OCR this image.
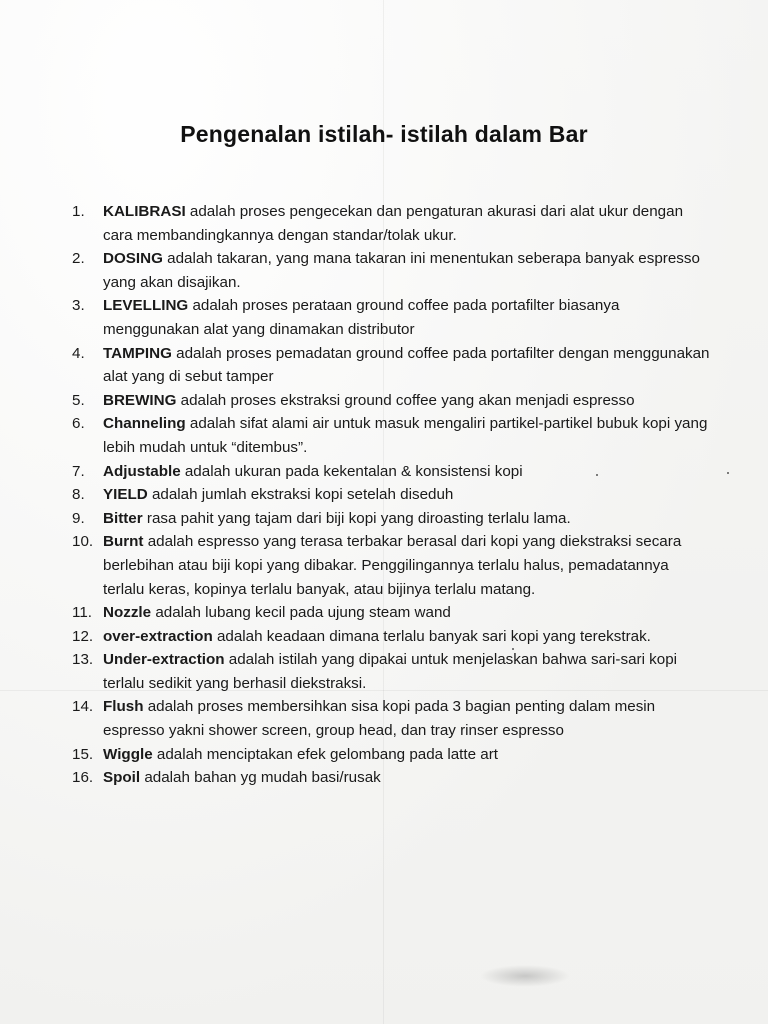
Pengenalan istilah- istilah dalam Bar
1.	KALIBRASI adalah proses pengecekan dan pengaturan akurasi dari alat ukur dengan cara membandingkannya dengan standar/tolak ukur.
2.	DOSING adalah takaran, yang mana takaran ini menentukan seberapa banyak espresso yang akan disajikan.
3.	LEVELLING adalah proses perataan ground coffee pada portafilter biasanya menggunakan alat yang dinamakan distributor
4.	TAMPING adalah proses pemadatan ground coffee pada portafilter dengan menggunakan alat yang di sebut tamper
5.	BREWING adalah proses ekstraksi ground coffee yang akan menjadi espresso
6.	Channeling adalah sifat alami air untuk masuk mengaliri partikel-partikel bubuk kopi yang lebih mudah untuk “ditembus”.
7.	Adjustable adalah ukuran pada kekentalan & konsistensi kopi
8.	YIELD adalah jumlah ekstraksi kopi setelah diseduh
9.	Bitter rasa pahit yang tajam dari biji kopi yang diroasting terlalu lama.
10. Burnt adalah espresso yang terasa terbakar berasal dari kopi yang diekstraksi secara berlebihan atau biji kopi yang dibakar. Penggilingannya terlalu halus, pemadatannya terlalu keras, kopinya terlalu banyak, atau bijinya terlalu matang.
11. Nozzle adalah lubang kecil pada ujung steam wand
12. over-extraction adalah keadaan dimana terlalu banyak sari kopi yang terekstrak.
13. Under-extraction adalah istilah yang dipakai untuk menjelaskan bahwa sari-sari kopi terlalu sedikit yang berhasil diekstraksi.
14. Flush adalah proses membersihkan sisa kopi pada 3 bagian penting dalam mesin espresso yakni shower screen, group head, dan tray rinser espresso
15. Wiggle adalah menciptakan efek gelombang pada latte art
16. Spoil adalah bahan yg mudah basi/rusak
